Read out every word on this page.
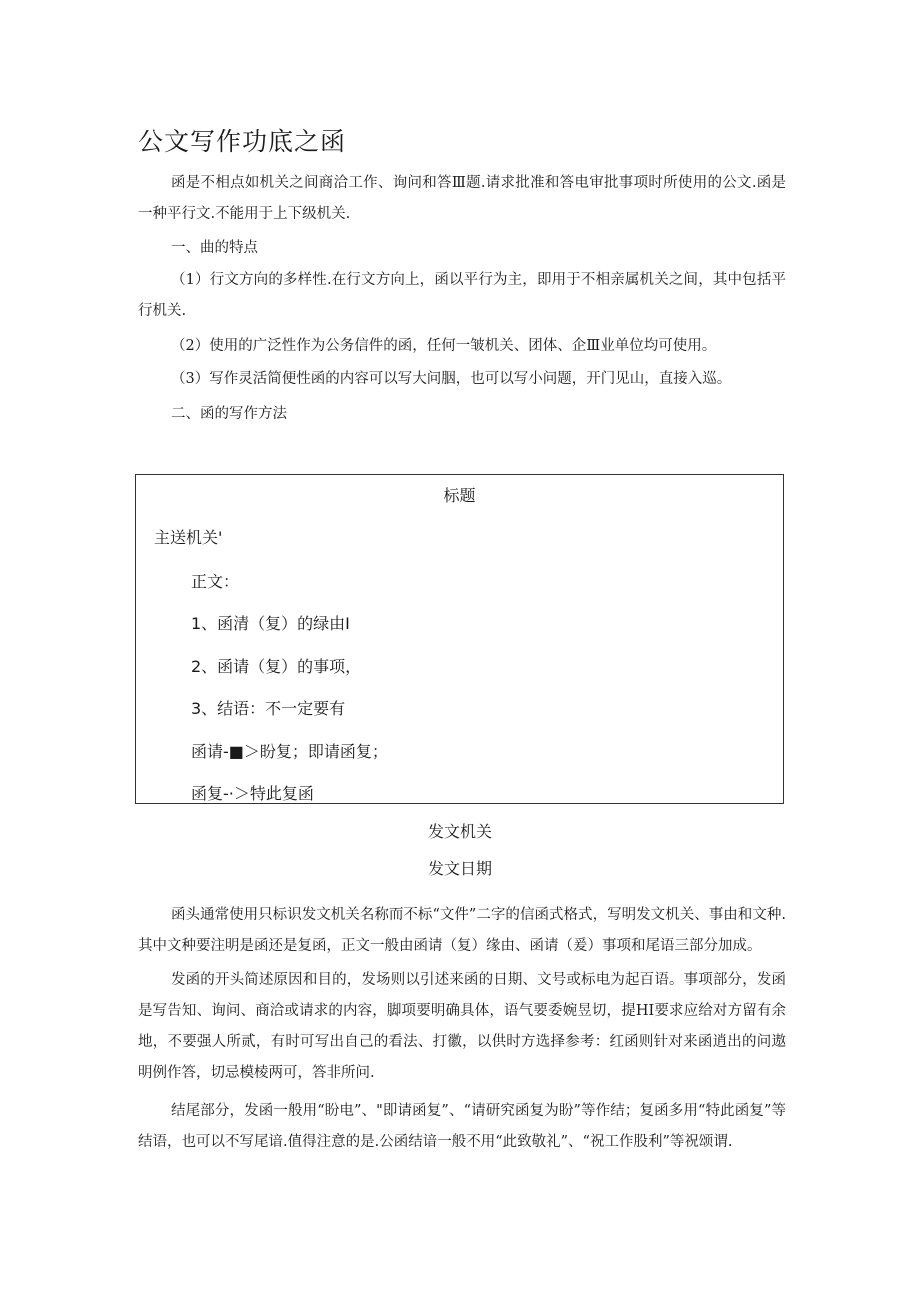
公文写作功底之函

函是不相点如机关之间商洽工作、询问和答Ⅲ题.请求批准和答电审批事项时所使用的公文.函是一种平行文.不能用于上下级机关.

一、曲的特点

（1）行文方向的多样性.在行文方向上，函以平行为主，即用于不相亲属机关之间，其中包括平行机关.

（2）使用的广泛性作为公务信件的函，任何一皱机关、团体、企Ⅲ业单位均可使用。

（3）写作灵活简便性函的内容可以写大问胭，也可以写小问题，开门见山，直接入巡。

二、函的写作方法

标题

主送机关'

正文：

1、函清（复）的绿由I

2、函请（复）的事项，

3、结语：不一定要有

函请-■＞盼复；即请函复；

函复-·＞特此复函

发文机关

发文日期

函头通常使用只标识发文机关名称而不标“文件”二字的信函式格式，写明发文机关、事由和文种.其中文种要注明是函还是复函，正文一般由函请（复）缘由、函请（爰）事项和尾语三部分加成。

发函的开头简述原因和目的，发场则以引述来函的日期、文号或标电为起百语。事项部分，发函是写告知、询问、商洽或请求的内容，脚项要明确具体，语气要委婉昱切，提HI要求应给对方留有余地，不要强人所贰，有时可写出自己的看法、打徽，以供时方选择参考：红函则针对来函逍出的问遨明例作答，切忌模棱两可，答非所问.

结尾部分，发函一般用“盼电”、"即请函复”、“请研究函复为盼”等作结；复函多用“特此函复”等结语，也可以不写尾谙.值得注意的是.公函结谙一般不用“此致敬礼”、“祝工作股利”等祝颂谓.
